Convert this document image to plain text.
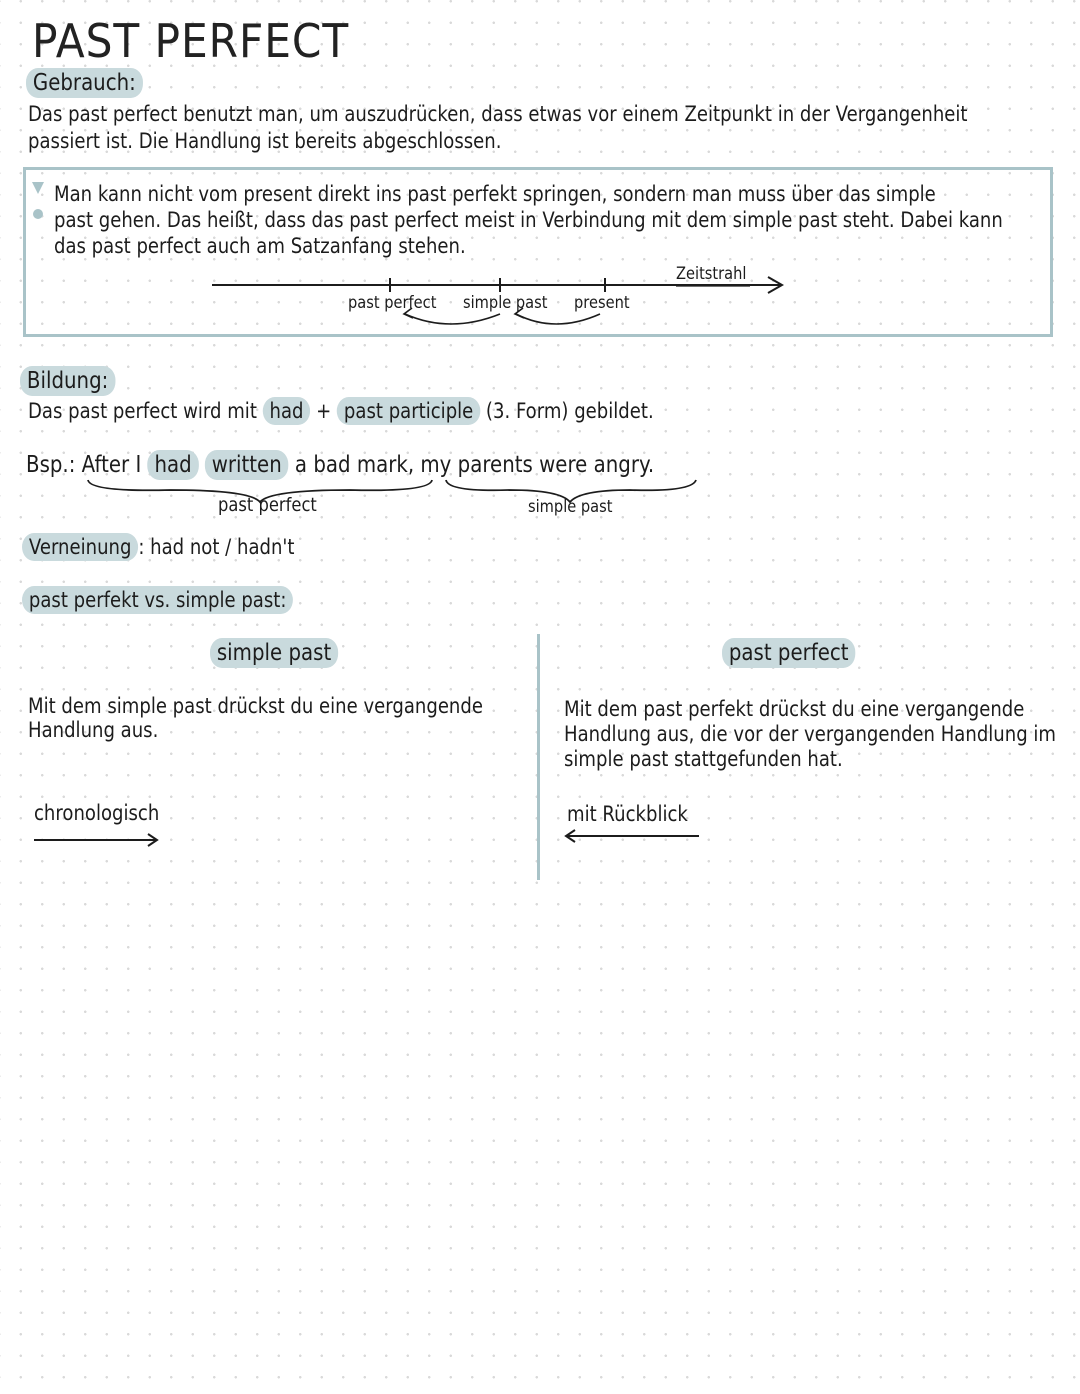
PAST PERFECT
Gebrauch:
Das past perfect benutzt man, um auszudrücken, dass etwas vor einem Zeitpunkt in der Vergangenheit
passiert ist. Die Handlung ist bereits abgeschlossen.
Man kann nicht vom present direkt ins past perfekt springen, sondern man muss über das simple
past gehen. Das heißt, dass das past perfect meist in Verbindung mit dem simple past steht. Dabei kann
das past perfect auch am Satzanfang stehen.
Zeitstrahl
past perfect simple past present
Bildung:
Das past perfect wird mit had + past participle (3. Form) gebildet.
Bsp.: After I had written a bad mark, my parents were angry.
past perfect	simple past
Verneinung : had not / hadn't
past perfekt vs. simple past:
simple past
Mit dem simple past drückst du eine vergangende
Handlung aus.
chronologisch
past perfect
Mit dem past perfekt drückst du eine vergangende
Handlung aus, die vor der vergangenden Handlung im
simple past stattgefunden hat.
mit Rückblick
